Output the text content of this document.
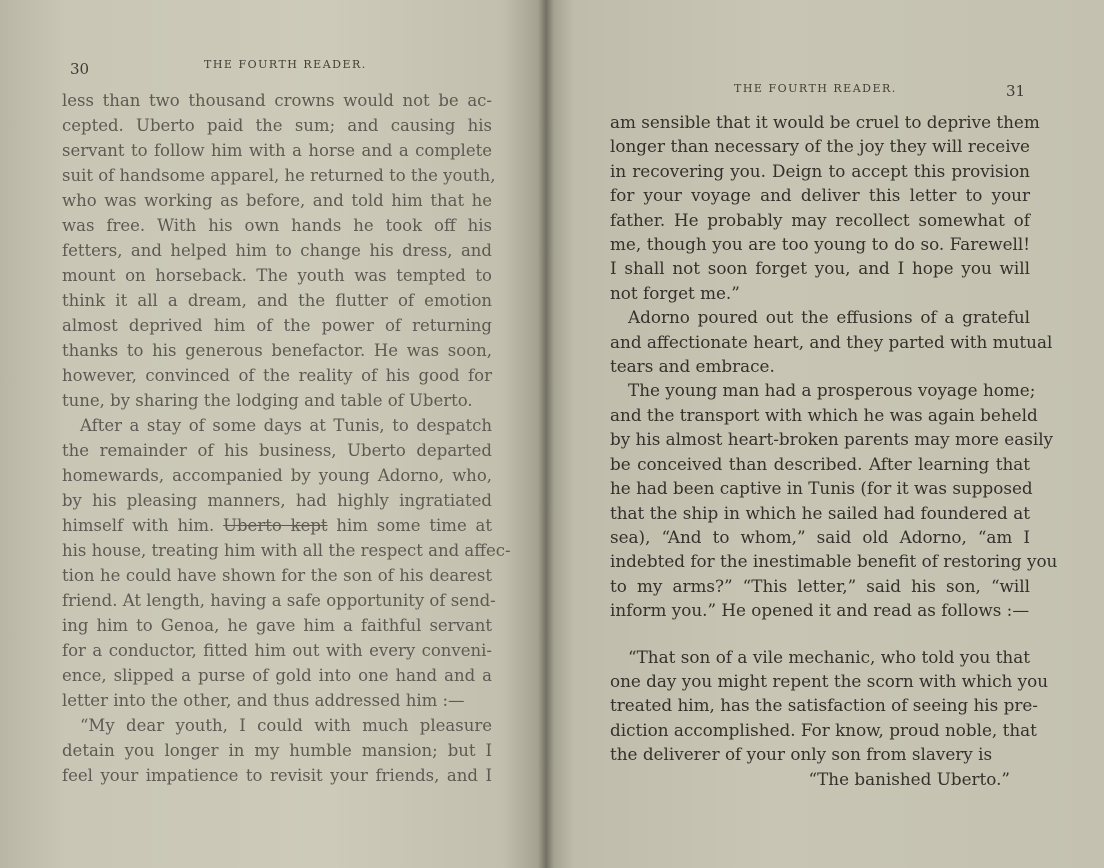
30	THE FOURTH READER.
less than two thousand crowns would not be ac-
cepted. Uberto paid the sum; and causing his
servant to follow him with a horse and a complete
suit of handsome apparel, he returned to the youth,
who was working as before, and told him that he
was free. With his own hands he took off his
fetters, and helped him to change his dress, and
mount on horseback. The youth was tempted to
think it all a dream, and the flutter of emotion
almost deprived him of the power of returning
thanks to his generous benefactor. He was soon,
however, convinced of the reality of his good for
tune, by sharing the lodging and table of Uberto.
After a stay of some days at Tunis, to despatch
the remainder of his business, Uberto departed
homewards, accompanied by young Adorno, who,
by his pleasing manners, had highly ingratiated
himself with him. Uberto kept him some time at
his house, treating him with all the respect and affec-
tion he could have shown for the son of his dearest
friend. At length, having a safe opportunity of send-
ing him to Genoa, he gave him a faithful servant
for a conductor, fitted him out with every conveni-
ence, slipped a purse of gold into one hand and a
letter into the other, and thus addressed him :—
“My dear youth, I could with much pleasure
detain you longer in my humble mansion; but I
feel your impatience to revisit your friends, and I
THE FOURTH READER.	31
am sensible that it would be cruel to deprive them
longer than necessary of the joy they will receive
in recovering you. Deign to accept this provision
for your voyage and deliver this letter to your
father. He probably may recollect somewhat of
me, though you are too young to do so. Farewell!
I shall not soon forget you, and I hope you will
not forget me.”
Adorno poured out the effusions of a grateful
and affectionate heart, and they parted with mutual
tears and embrace.
The young man had a prosperous voyage home;
and the transport with which he was again beheld
by his almost heart-broken parents may more easily
be conceived than described. After learning that
he had been captive in Tunis (for it was supposed
that the ship in which he sailed had foundered at
sea), “And to whom,” said old Adorno, “am I
indebted for the inestimable benefit of restoring you
to my arms?” “This letter,” said his son, “will
inform you.” He opened it and read as follows :—
“That son of a vile mechanic, who told you that
one day you might repent the scorn with which you
treated him, has the satisfaction of seeing his pre-
diction accomplished. For know, proud noble, that
the deliverer of your only son from slavery is
“The banished Uberto.”
